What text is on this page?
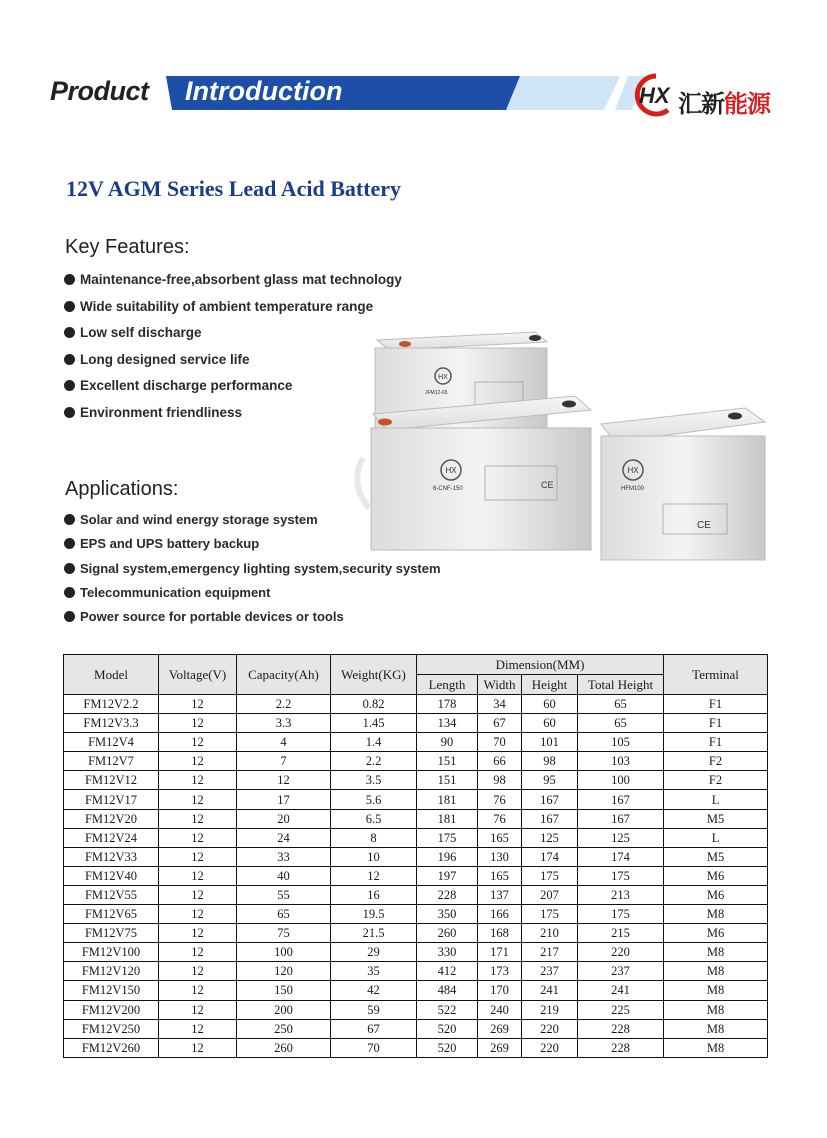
Product Introduction	HX 汇新能源
12V AGM Series Lead Acid Battery
Key Features:
Maintenance-free,absorbent glass mat technology
Wide suitability of ambient temperature range
Low self discharge
Long designed service life
Excellent discharge performance
Environment friendliness
Applications:
Solar and wind energy storage system
EPS and UPS battery backup
Signal system,emergency lighting system,security system
Telecommunication equipment
Power source for portable devices or tools
HX
JFM12-65
HX
6-CNF-150	CE
HX
HFM100
CE
Model	Voltage(V)	Capacity(Ah)	Weight(KG)	Dimension(MM)				Terminal
				Length	Width	Height	Total Height	
FM12V2.2	12	2.2	0.82	178	34	60	65	F1
FM12V3.3	12	3.3	1.45	134	67	60	65	F1
FM12V4	12	4	1.4	90	70	101	105	F1
FM12V7	12	7	2.2	151	66	98	103	F2
FM12V12	12	12	3.5	151	98	95	100	F2
FM12V17	12	17	5.6	181	76	167	167	L
FM12V20	12	20	6.5	181	76	167	167	M5
FM12V24	12	24	8	175	165	125	125	L
FM12V33	12	33	10	196	130	174	174	M5
FM12V40	12	40	12	197	165	175	175	M6
FM12V55	12	55	16	228	137	207	213	M6
FM12V65	12	65	19.5	350	166	175	175	M8
FM12V75	12	75	21.5	260	168	210	215	M6
FM12V100	12	100	29	330	171	217	220	M8
FM12V120	12	120	35	412	173	237	237	M8
FM12V150	12	150	42	484	170	241	241	M8
FM12V200	12	200	59	522	240	219	225	M8
FM12V250	12	250	67	520	269	220	228	M8
FM12V260	12	260	70	520	269	220	228	M8
